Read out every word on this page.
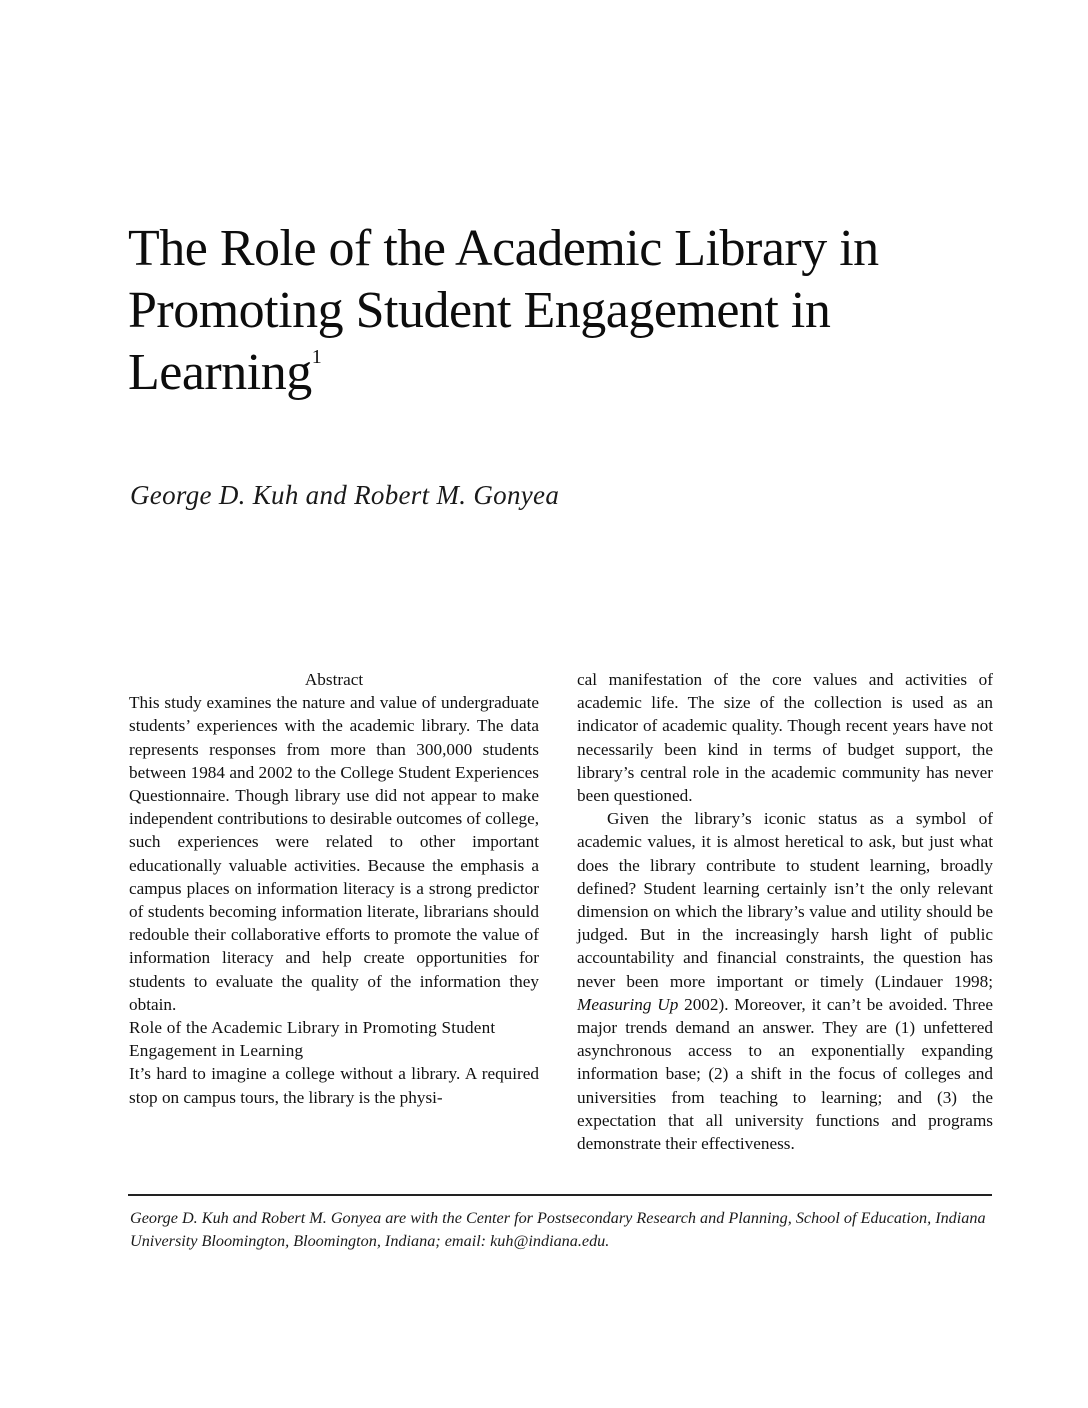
The Role of the Academic Library in Promoting Student Engagement in Learning$^1$

George D. Kuh and Robert M. Gonyea

Abstract

This study examines the nature and value of undergraduate students’ experiences with the academic library. The data represents responses from more than 300,000 students between 1984 and 2002 to the College Student Experiences Questionnaire. Though library use did not appear to make independent contributions to desirable outcomes of college, such experiences were related to other important educationally valuable activities. Because the emphasis a campus places on information literacy is a strong predictor of students becoming information literate, librarians should redouble their collaborative efforts to promote the value of information literacy and help create opportunities for students to evaluate the quality of the information they obtain.

Role of the Academic Library in Promoting Student Engagement in Learning

It’s hard to imagine a college without a library. A required stop on campus tours, the library is the physi-

cal manifestation of the core values and activities of academic life. The size of the collection is used as an indicator of academic quality. Though recent years have not necessarily been kind in terms of budget support, the library’s central role in the academic community has never been questioned.

Given the library’s iconic status as a symbol of academic values, it is almost heretical to ask, but just what does the library contribute to student learning, broadly defined? Student learning certainly isn’t the only relevant dimension on which the library’s value and utility should be judged. But in the increasingly harsh light of public accountability and financial constraints, the question has never been more important or timely (Lindauer 1998; Measuring Up 2002). Moreover, it can’t be avoided. Three major trends demand an answer. They are (1) unfettered asynchronous access to an exponentially expanding information base; (2) a shift in the focus of colleges and universities from teaching to learning; and (3) the expectation that all university functions and programs demonstrate their effectiveness.

George D. Kuh and Robert M. Gonyea are with the Center for Postsecondary Research and Planning, School of Education, Indiana University Bloomington, Bloomington, Indiana; email: kuh@indiana.edu.
